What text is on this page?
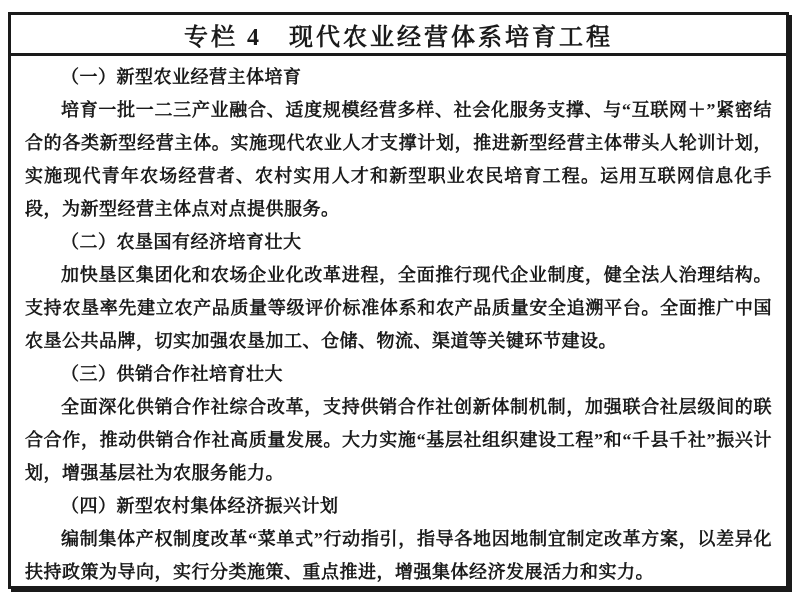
专栏 4　现代农业经营体系培育工程

（一）新型农业经营主体培育

培育一批一二三产业融合、适度规模经营多样、社会化服务支撑、与“互联网＋”紧密结合的各类新型经营主体。实施现代农业人才支撑计划，推进新型经营主体带头人轮训计划，实施现代青年农场经营者、农村实用人才和新型职业农民培育工程。运用互联网信息化手段，为新型经营主体点对点提供服务。

（二）农垦国有经济培育壮大

加快垦区集团化和农场企业化改革进程，全面推行现代企业制度，健全法人治理结构。支持农垦率先建立农产品质量等级评价标准体系和农产品质量安全追溯平台。全面推广中国农垦公共品牌，切实加强农垦加工、仓储、物流、渠道等关键环节建设。

（三）供销合作社培育壮大

全面深化供销合作社综合改革，支持供销合作社创新体制机制，加强联合社层级间的联合合作，推动供销合作社高质量发展。大力实施“基层社组织建设工程”和“千县千社”振兴计划，增强基层社为农服务能力。

（四）新型农村集体经济振兴计划

编制集体产权制度改革“菜单式”行动指引，指导各地因地制宜制定改革方案，以差异化扶持政策为导向，实行分类施策、重点推进，增强集体经济发展活力和实力。
